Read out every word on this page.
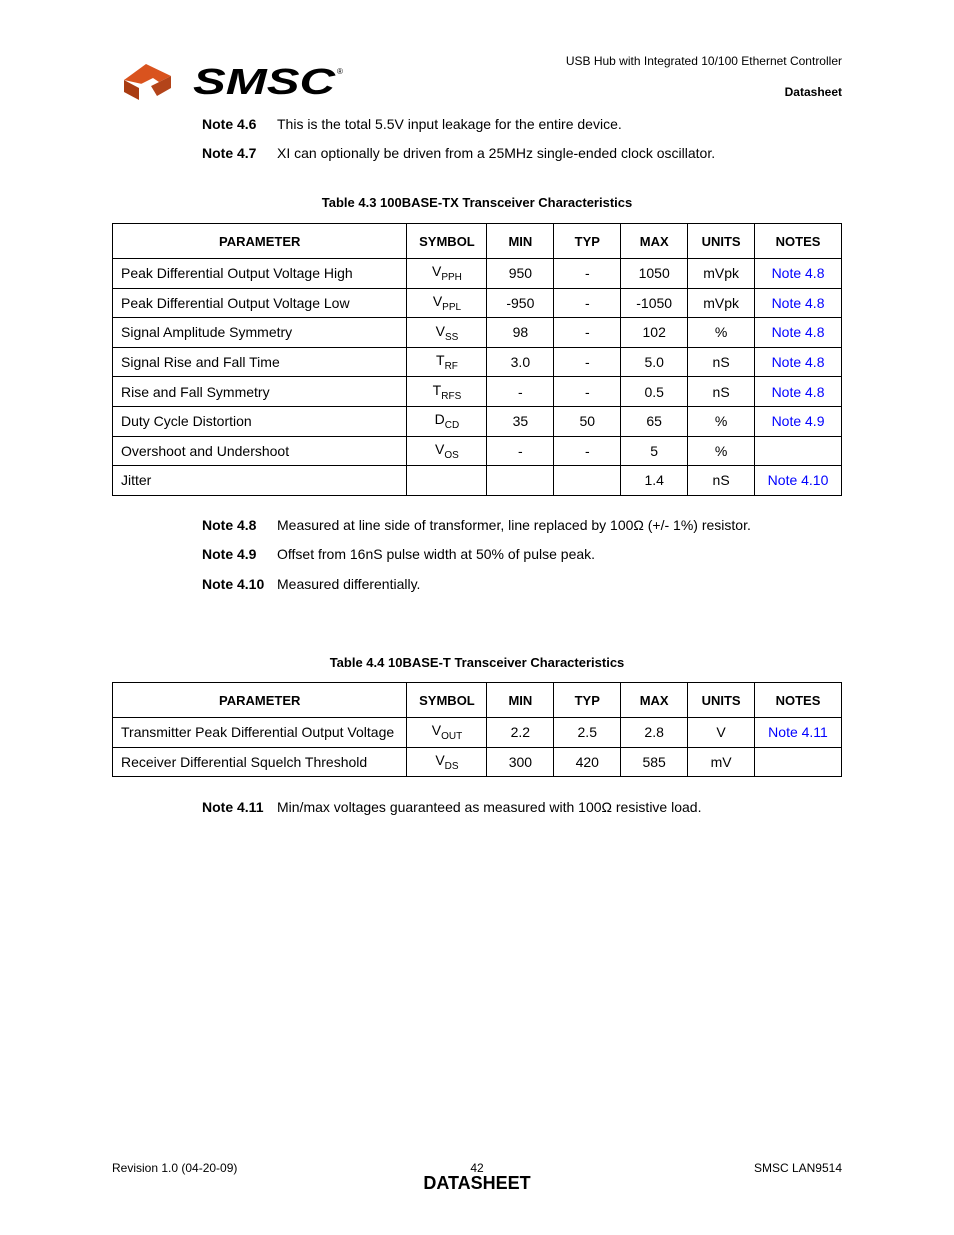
SMSC ®
USB Hub with Integrated 10/100 Ethernet Controller
Datasheet
Note 4.6	This is the total 5.5V input leakage for the entire device.
Note 4.7	XI can optionally be driven from a 25MHz single-ended clock oscillator.
Table 4.3 100BASE-TX Transceiver Characteristics
PARAMETER	SYMBOL	MIN	TYP	MAX	UNITS	NOTES
Peak Differential Output Voltage High	$V_{PPH}$	950	-	1050	mVpk	Note 4.8
Peak Differential Output Voltage Low	$V_{PPL}$	-950	-	-1050	mVpk	Note 4.8
Signal Amplitude Symmetry	$V_{SS}$	98	-	102	%	Note 4.8
Signal Rise and Fall Time	$T_{RF}$	3.0	-	5.0	nS	Note 4.8
Rise and Fall Symmetry	$T_{RFS}$	-	-	0.5	nS	Note 4.8
Duty Cycle Distortion	$D_{CD}$	35	50	65	%	Note 4.9
Overshoot and Undershoot	$V_{OS}$	-	-	5	%	
Jitter				1.4	nS	Note 4.10
Note 4.8	Measured at line side of transformer, line replaced by 100Ω (+/- 1%) resistor.
Note 4.9	Offset from 16nS pulse width at 50% of pulse peak.
Note 4.10 Measured differentially.
Table 4.4 10BASE-T Transceiver Characteristics
PARAMETER	SYMBOL	MIN	TYP	MAX	UNITS	NOTES
Transmitter Peak Differential Output Voltage	$V_{OUT}$	2.2	2.5	2.8	V	Note 4.11
Receiver Differential Squelch Threshold	$V_{DS}$	300	420	585	mV	
Note 4.11 Min/max voltages guaranteed as measured with 100Ω resistive load.
Revision 1.0 (04-20-09)	42	SMSC LAN9514
DATASHEET
